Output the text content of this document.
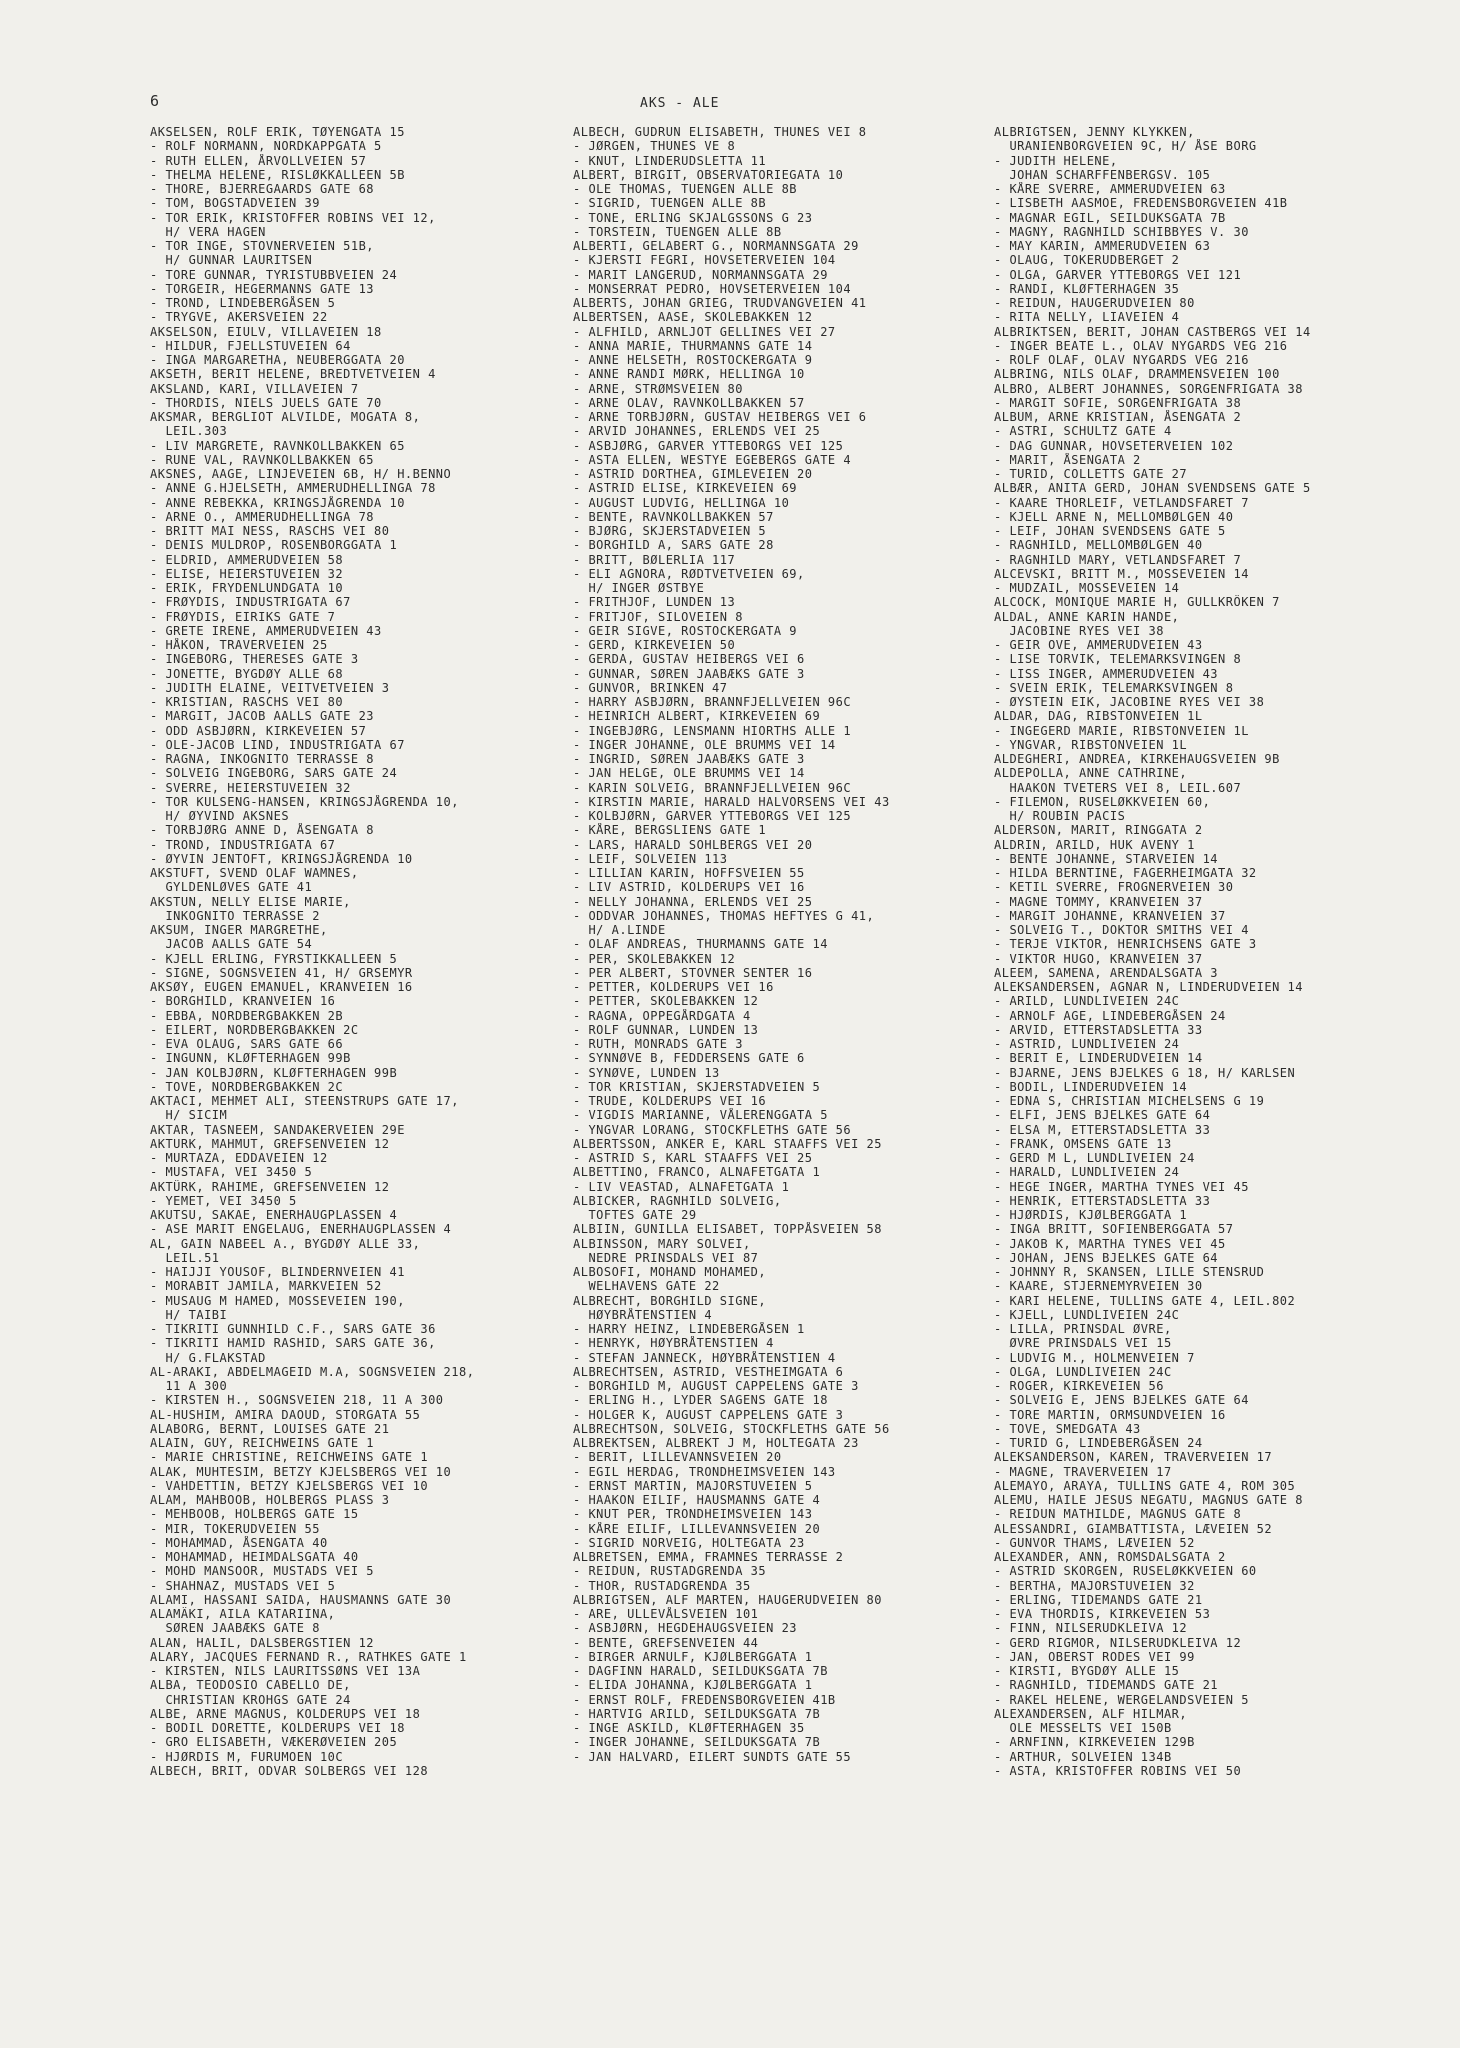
6	AKS - ALE
AKSELSEN, ROLF ERIK, TØYENGATA 15
- ROLF NORMANN, NORDKAPPGATA 5
- RUTH ELLEN, ÅRVOLLVEIEN 57
- THELMA HELENE, RISLØKKALLEEN 5B
- THORE, BJERREGAARDS GATE 68
- TOM, BOGSTADVEIEN 39
- TOR ERIK, KRISTOFFER ROBINS VEI 12,
H/ VERA HAGEN
- TOR INGE, STOVNERVEIEN 51B,
H/ GUNNAR LAURITSEN
- TORE GUNNAR, TYRISTUBBVEIEN 24
- TORGEIR, HEGERMANNS GATE 13
- TROND, LINDEBERGÅSEN 5
- TRYGVE, AKERSVEIEN 22
AKSELSON, EIULV, VILLAVEIEN 18
- HILDUR, FJELLSTUVEIEN 64
- INGA MARGARETHA, NEUBERGGATA 20
AKSETH, BERIT HELENE, BREDTVETVEIEN 4
AKSLAND, KARI, VILLAVEIEN 7
- THORDIS, NIELS JUELS GATE 70
AKSMAR, BERGLIOT ALVILDE, MOGATA 8,
LEIL.303
- LIV MARGRETE, RAVNKOLLBAKKEN 65
- RUNE VAL, RAVNKOLLBAKKEN 65
AKSNES, AAGE, LINJEVEIEN 6B, H/ H.BENNO
- ANNE G.HJELSETH, AMMERUDHELLINGA 78
- ANNE REBEKKA, KRINGSJÅGRENDA 10
- ARNE O., AMMERUDHELLINGA 78
- BRITT MAI NESS, RASCHS VEI 80
- DENIS MULDROP, ROSENBORGGATA 1
- ELDRID, AMMERUDVEIEN 58
- ELISE, HEIERSTUVEIEN 32
- ERIK, FRYDENLUNDGATA 10
- FRØYDIS, INDUSTRIGATA 67
- FRØYDIS, EIRIKS GATE 7
- GRETE IRENE, AMMERUDVEIEN 43
- HÅKON, TRAVERVEIEN 25
- INGEBORG, THERESES GATE 3
- JONETTE, BYGDØY ALLE 68
- JUDITH ELAINE, VEITVETVEIEN 3
- KRISTIAN, RASCHS VEI 80
- MARGIT, JACOB AALLS GATE 23
- ODD ASBJØRN, KIRKEVEIEN 57
- OLE-JACOB LIND, INDUSTRIGATA 67
- RAGNA, INKOGNITO TERRASSE 8
- SOLVEIG INGEBORG, SARS GATE 24
- SVERRE, HEIERSTUVEIEN 32
- TOR KULSENG-HANSEN, KRINGSJÅGRENDA 10,
H/ ØYVIND AKSNES
- TORBJØRG ANNE D, ÅSENGATA 8
- TROND, INDUSTRIGATA 67
- ØYVIN JENTOFT, KRINGSJÅGRENDA 10
AKSTUFT, SVEND OLAF WAMNES,
GYLDENLØVES GATE 41
AKSTUN, NELLY ELISE MARIE,
INKOGNITO TERRASSE 2
AKSUM, INGER MARGRETHE,
JACOB AALLS GATE 54
- KJELL ERLING, FYRSTIKKALLEEN 5
- SIGNE, SOGNSVEIEN 41, H/ GRSEMYR
AKSØY, EUGEN EMANUEL, KRANVEIEN 16
- BORGHILD, KRANVEIEN 16
- EBBA, NORDBERGBAKKEN 2B
- EILERT, NORDBERGBAKKEN 2C
- EVA OLAUG, SARS GATE 66
- INGUNN, KLØFTERHAGEN 99B
- JAN KOLBJØRN, KLØFTERHAGEN 99B
- TOVE, NORDBERGBAKKEN 2C
AKTACI, MEHMET ALI, STEENSTRUPS GATE 17,
H/ SICIM
AKTAR, TASNEEM, SANDAKERVEIEN 29E
AKTURK, MAHMUT, GREFSENVEIEN 12
- MURTAZA, EDDAVEIEN 12
- MUSTAFA, VEI 3450 5
AKTÜRK, RAHIME, GREFSENVEIEN 12
- YEMET, VEI 3450 5
AKUTSU, SAKAE, ENERHAUGPLASSEN 4
- ASE MARIT ENGELAUG, ENERHAUGPLASSEN 4
AL, GAIN NABEEL A., BYGDØY ALLE 33,
LEIL.51
- HAIJJI YOUSOF, BLINDERNVEIEN 41
- MORABIT JAMILA, MARKVEIEN 52
- MUSAUG M HAMED, MOSSEVEIEN 190,
H/ TAIBI
- TIKRITI GUNNHILD C.F., SARS GATE 36
- TIKRITI HAMID RASHID, SARS GATE 36,
H/ G.FLAKSTAD
AL-ARAKI, ABDELMAGEID M.A, SOGNSVEIEN 218,
11 A 300
- KIRSTEN H., SOGNSVEIEN 218, 11 A 300
AL-HUSHIM, AMIRA DAOUD, STORGATA 55
ALABORG, BERNT, LOUISES GATE 21
ALAIN, GUY, REICHWEINS GATE 1
- MARIE CHRISTINE, REICHWEINS GATE 1
ALAK, MUHTESIM, BETZY KJELSBERGS VEI 10
- VAHDETTIN, BETZY KJELSBERGS VEI 10
ALAM, MAHBOOB, HOLBERGS PLASS 3
- MEHBOOB, HOLBERGS GATE 15
- MIR, TOKERUDVEIEN 55
- MOHAMMAD, ÅSENGATA 40
- MOHAMMAD, HEIMDALSGATA 40
- MOHD MANSOOR, MUSTADS VEI 5
- SHAHNAZ, MUSTADS VEI 5
ALAMI, HASSANI SAIDA, HAUSMANNS GATE 30
ALAMÄKI, AILA KATARIINA,
SØREN JAABÆKS GATE 8
ALAN, HALIL, DALSBERGSTIEN 12
ALARY, JACQUES FERNAND R., RATHKES GATE 1
- KIRSTEN, NILS LAURITSSØNS VEI 13A
ALBA, TEODOSIO CABELLO DE,
CHRISTIAN KROHGS GATE 24
ALBE, ARNE MAGNUS, KOLDERUPS VEI 18
- BODIL DORETTE, KOLDERUPS VEI 18
- GRO ELISABETH, VÆKERØVEIEN 205
- HJØRDIS M, FURUMOEN 10C
ALBECH, BRIT, ODVAR SOLBERGS VEI 128
ALBECH, GUDRUN ELISABETH, THUNES VEI 8
- JØRGEN, THUNES VE 8
- KNUT, LINDERUDSLETTA 11
ALBERT, BIRGIT, OBSERVATORIEGATA 10
- OLE THOMAS, TUENGEN ALLE 8B
- SIGRID, TUENGEN ALLE 8B
- TONE, ERLING SKJALGSSONS G 23
- TORSTEIN, TUENGEN ALLE 8B
ALBERTI, GELABERT G., NORMANNSGATA 29
- KJERSTI FEGRI, HOVSETERVEIEN 104
- MARIT LANGERUD, NORMANNSGATA 29
- MONSERRAT PEDRO, HOVSETERVEIEN 104
ALBERTS, JOHAN GRIEG, TRUDVANGVEIEN 41
ALBERTSEN, AASE, SKOLEBAKKEN 12
- ALFHILD, ARNLJOT GELLINES VEI 27
- ANNA MARIE, THURMANNS GATE 14
- ANNE HELSETH, ROSTOCKERGATA 9
- ANNE RANDI MØRK, HELLINGA 10
- ARNE, STRØMSVEIEN 80
- ARNE OLAV, RAVNKOLLBAKKEN 57
- ARNE TORBJØRN, GUSTAV HEIBERGS VEI 6
- ARVID JOHANNES, ERLENDS VEI 25
- ASBJØRG, GARVER YTTEBORGS VEI 125
- ASTA ELLEN, WESTYE EGEBERGS GATE 4
- ASTRID DORTHEA, GIMLEVEIEN 20
- ASTRID ELISE, KIRKEVEIEN 69
- AUGUST LUDVIG, HELLINGA 10
- BENTE, RAVNKOLLBAKKEN 57
- BJØRG, SKJERSTADVEIEN 5
- BORGHILD A, SARS GATE 28
- BRITT, BØLERLIA 117
- ELI AGNORA, RØDTVETVEIEN 69,
H/ INGER ØSTBYE
- FRITHJOF, LUNDEN 13
- FRITJOF, SILOVEIEN 8
- GEIR SIGVE, ROSTOCKERGATA 9
- GERD, KIRKEVEIEN 50
- GERDA, GUSTAV HEIBERGS VEI 6
- GUNNAR, SØREN JAABÆKS GATE 3
- GUNVOR, BRINKEN 47
- HARRY ASBJØRN, BRANNFJELLVEIEN 96C
- HEINRICH ALBERT, KIRKEVEIEN 69
- INGEBJØRG, LENSMANN HIORTHS ALLE 1
- INGER JOHANNE, OLE BRUMMS VEI 14
- INGRID, SØREN JAABÆKS GATE 3
- JAN HELGE, OLE BRUMMS VEI 14
- KARIN SOLVEIG, BRANNFJELLVEIEN 96C
- KIRSTIN MARIE, HARALD HALVORSENS VEI 43
- KOLBJØRN, GARVER YTTEBORGS VEI 125
- KÅRE, BERGSLIENS GATE 1
- LARS, HARALD SOHLBERGS VEI 20
- LEIF, SOLVEIEN 113
- LILLIAN KARIN, HOFFSVEIEN 55
- LIV ASTRID, KOLDERUPS VEI 16
- NELLY JOHANNA, ERLENDS VEI 25
- ODDVAR JOHANNES, THOMAS HEFTYES G 41,
H/ A.LINDE
- OLAF ANDREAS, THURMANNS GATE 14
- PER, SKOLEBAKKEN 12
- PER ALBERT, STOVNER SENTER 16
- PETTER, KOLDERUPS VEI 16
- PETTER, SKOLEBAKKEN 12
- RAGNA, OPPEGÅRDGATA 4
- ROLF GUNNAR, LUNDEN 13
- RUTH, MONRADS GATE 3
- SYNNØVE B, FEDDERSENS GATE 6
- SYNØVE, LUNDEN 13
- TOR KRISTIAN, SKJERSTADVEIEN 5
- TRUDE, KOLDERUPS VEI 16
- VIGDIS MARIANNE, VÅLERENGGATA 5
- YNGVAR LORANG, STOCKFLETHS GATE 56
ALBERTSSON, ANKER E, KARL STAAFFS VEI 25
- ASTRID S, KARL STAAFFS VEI 25
ALBETTINO, FRANCO, ALNAFETGATA 1
- LIV VEASTAD, ALNAFETGATA 1
ALBICKER, RAGNHILD SOLVEIG,
TOFTES GATE 29
ALBIIN, GUNILLA ELISABET, TOPPÅSVEIEN 58
ALBINSSON, MARY SOLVEI,
NEDRE PRINSDALS VEI 87
ALBOSOFI, MOHAND MOHAMED,
WELHAVENS GATE 22
ALBRECHT, BORGHILD SIGNE,
HØYBRÅTENSTIEN 4
- HARRY HEINZ, LINDEBERGÅSEN 1
- HENRYK, HØYBRÅTENSTIEN 4
- STEFAN JANNECK, HØYBRÅTENSTIEN 4
ALBRECHTSEN, ASTRID, VESTHEIMGATA 6
- BORGHILD M, AUGUST CAPPELENS GATE 3
- ERLING H., LYDER SAGENS GATE 18
- HOLGER K, AUGUST CAPPELENS GATE 3
ALBRECHTSON, SOLVEIG, STOCKFLETHS GATE 56
ALBREKTSEN, ALBREKT J M, HOLTEGATA 23
- BERIT, LILLEVANNSVEIEN 20
- EGIL HERDAG, TRONDHEIMSVEIEN 143
- ERNST MARTIN, MAJORSTUVEIEN 5
- HAAKON EILIF, HAUSMANNS GATE 4
- KNUT PER, TRONDHEIMSVEIEN 143
- KÅRE EILIF, LILLEVANNSVEIEN 20
- SIGRID NORVEIG, HOLTEGATA 23
ALBRETSEN, EMMA, FRAMNES TERRASSE 2
- REIDUN, RUSTADGRENDA 35
- THOR, RUSTADGRENDA 35
ALBRIGTSEN, ALF MARTEN, HAUGERUDVEIEN 80
- ARE, ULLEVÅLSVEIEN 101
- ASBJØRN, HEGDEHAUGSVEIEN 23
- BENTE, GREFSENVEIEN 44
- BIRGER ARNULF, KJØLBERGGATA 1
- DAGFINN HARALD, SEILDUKSGATA 7B
- ELIDA JOHANNA, KJØLBERGGATA 1
- ERNST ROLF, FREDENSBORGVEIEN 41B
- HARTVIG ARILD, SEILDUKSGATA 7B
- INGE ASKILD, KLØFTERHAGEN 35
- INGER JOHANNE, SEILDUKSGATA 7B
- JAN HALVARD, EILERT SUNDTS GATE 55
ALBRIGTSEN, JENNY KLYKKEN,
URANIENBORGVEIEN 9C, H/ ÅSE BORG
- JUDITH HELENE,
JOHAN SCHARFFENBERGSV. 105
- KÅRE SVERRE, AMMERUDVEIEN 63
- LISBETH AASMOE, FREDENSBORGVEIEN 41B
- MAGNAR EGIL, SEILDUKSGATA 7B
- MAGNY, RAGNHILD SCHIBBYES V. 30
- MAY KARIN, AMMERUDVEIEN 63
- OLAUG, TOKERUDBERGET 2
- OLGA, GARVER YTTEBORGS VEI 121
- RANDI, KLØFTERHAGEN 35
- REIDUN, HAUGERUDVEIEN 80
- RITA NELLY, LIAVEIEN 4
ALBRIKTSEN, BERIT, JOHAN CASTBERGS VEI 14
- INGER BEATE L., OLAV NYGARDS VEG 216
- ROLF OLAF, OLAV NYGARDS VEG 216
ALBRING, NILS OLAF, DRAMMENSVEIEN 100
ALBRO, ALBERT JOHANNES, SORGENFRIGATA 38
- MARGIT SOFIE, SORGENFRIGATA 38
ALBUM, ARNE KRISTIAN, ÅSENGATA 2
- ASTRI, SCHULTZ GATE 4
- DAG GUNNAR, HOVSETERVEIEN 102
- MARIT, ÅSENGATA 2
- TURID, COLLETTS GATE 27
ALBÆR, ANITA GERD, JOHAN SVENDSENS GATE 5
- KAARE THORLEIF, VETLANDSFARET 7
- KJELL ARNE N, MELLOMBØLGEN 40
- LEIF, JOHAN SVENDSENS GATE 5
- RAGNHILD, MELLOMBØLGEN 40
- RAGNHILD MARY, VETLANDSFARET 7
ALCEVSKI, BRITT M., MOSSEVEIEN 14
- MUDZAIL, MOSSEVEIEN 14
ALCOCK, MONIQUE MARIE H, GULLKRÖKEN 7
ALDAL, ANNE KARIN HANDE,
JACOBINE RYES VEI 38
- GEIR OVE, AMMERUDVEIEN 43
- LISE TORVIK, TELEMARKSVINGEN 8
- LISS INGER, AMMERUDVEIEN 43
- SVEIN ERIK, TELEMARKSVINGEN 8
- ØYSTEIN EIK, JACOBINE RYES VEI 38
ALDAR, DAG, RIBSTONVEIEN 1L
- INGEGERD MARIE, RIBSTONVEIEN 1L
- YNGVAR, RIBSTONVEIEN 1L
ALDEGHERI, ANDREA, KIRKEHAUGSVEIEN 9B
ALDEPOLLA, ANNE CATHRINE,
HAAKON TVETERS VEI 8, LEIL.607
- FILEMON, RUSELØKKVEIEN 60,
H/ ROUBIN PACIS
ALDERSON, MARIT, RINGGATA 2
ALDRIN, ARILD, HUK AVENY 1
- BENTE JOHANNE, STARVEIEN 14
- HILDA BERNTINE, FAGERHEIMGATA 32
- KETIL SVERRE, FROGNERVEIEN 30
- MAGNE TOMMY, KRANVEIEN 37
- MARGIT JOHANNE, KRANVEIEN 37
- SOLVEIG T., DOKTOR SMITHS VEI 4
- TERJE VIKTOR, HENRICHSENS GATE 3
- VIKTOR HUGO, KRANVEIEN 37
ALEEM, SAMENA, ARENDALSGATA 3
ALEKSANDERSEN, AGNAR N, LINDERUDVEIEN 14
- ARILD, LUNDLIVEIEN 24C
- ARNOLF AGE, LINDEBERGÅSEN 24
- ARVID, ETTERSTADSLETTA 33
- ASTRID, LUNDLIVEIEN 24
- BERIT E, LINDERUDVEIEN 14
- BJARNE, JENS BJELKES G 18, H/ KARLSEN
- BODIL, LINDERUDVEIEN 14
- EDNA S, CHRISTIAN MICHELSENS G 19
- ELFI, JENS BJELKES GATE 64
- ELSA M, ETTERSTADSLETTA 33
- FRANK, OMSENS GATE 13
- GERD M L, LUNDLIVEIEN 24
- HARALD, LUNDLIVEIEN 24
- HEGE INGER, MARTHA TYNES VEI 45
- HENRIK, ETTERSTADSLETTA 33
- HJØRDIS, KJØLBERGGATA 1
- INGA BRITT, SOFIENBERGGATA 57
- JAKOB K, MARTHA TYNES VEI 45
- JOHAN, JENS BJELKES GATE 64
- JOHNNY R, SKANSEN, LILLE STENSRUD
- KAARE, STJERNEMYRVEIEN 30
- KARI HELENE, TULLINS GATE 4, LEIL.802
- KJELL, LUNDLIVEIEN 24C
- LILLA, PRINSDAL ØVRE,
ØVRE PRINSDALS VEI 15
- LUDVIG M., HOLMENVEIEN 7
- OLGA, LUNDLIVEIEN 24C
- ROGER, KIRKEVEIEN 56
- SOLVEIG E, JENS BJELKES GATE 64
- TORE MARTIN, ORMSUNDVEIEN 16
- TOVE, SMEDGATA 43
- TURID G, LINDEBERGÅSEN 24
ALEKSANDERSON, KAREN, TRAVERVEIEN 17
- MAGNE, TRAVERVEIEN 17
ALEMAYO, ARAYA, TULLINS GATE 4, ROM 305
ALEMU, HAILE JESUS NEGATU, MAGNUS GATE 8
- REIDUN MATHILDE, MAGNUS GATE 8
ALESSANDRI, GIAMBATTISTA, LÆVEIEN 52
- GUNVOR THAMS, LÆVEIEN 52
ALEXANDER, ANN, ROMSDALSGATA 2
- ASTRID SKORGEN, RUSELØKKVEIEN 60
- BERTHA, MAJORSTUVEIEN 32
- ERLING, TIDEMANDS GATE 21
- EVA THORDIS, KIRKEVEIEN 53
- FINN, NILSERUDKLEIVA 12
- GERD RIGMOR, NILSERUDKLEIVA 12
- JAN, OBERST RODES VEI 99
- KIRSTI, BYGDØY ALLE 15
- RAGNHILD, TIDEMANDS GATE 21
- RAKEL HELENE, WERGELANDSVEIEN 5
ALEXANDERSEN, ALF HILMAR,
OLE MESSELTS VEI 150B
- ARNFINN, KIRKEVEIEN 129B
- ARTHUR, SOLVEIEN 134B
- ASTA, KRISTOFFER ROBINS VEI 50
